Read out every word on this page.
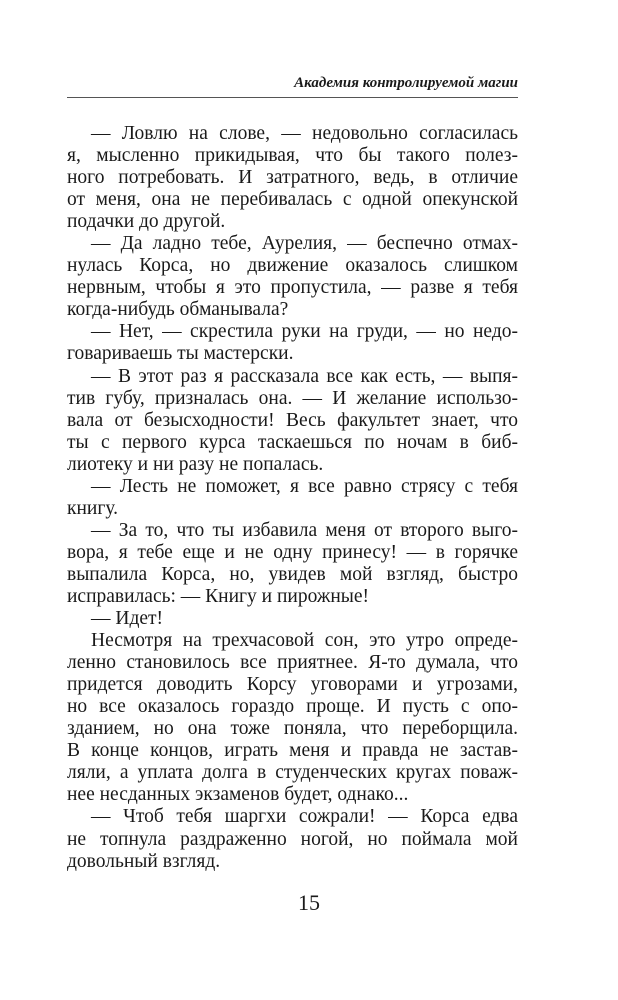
Академия контролируемой магии
— Ловлю на слове, — недовольно согласилась
я, мысленно прикидывая, что бы такого полез-
ного потребовать. И затратного, ведь, в отличие
от меня, она не перебивалась с одной опекунской
подачки до другой.
— Да ладно тебе, Аурелия, — беспечно отмах-
нулась Корса, но движение оказалось слишком
нервным, чтобы я это пропустила, — разве я тебя
когда-нибудь обманывала?
— Нет, — скрестила руки на груди, — но недо-
говариваешь ты мастерски.
— В этот раз я рассказала все как есть, — выпя-
тив губу, призналась она. — И желание использо-
вала от безысходности! Весь факультет знает, что
ты с первого курса таскаешься по ночам в биб-
лиотеку и ни разу не попалась.
— Лесть не поможет, я все равно стрясу с тебя
книгу.
— За то, что ты избавила меня от второго выго-
вора, я тебе еще и не одну принесу! — в горячке
выпалила Корса, но, увидев мой взгляд, быстро
исправилась: — Книгу и пирожные!
— Идет!
Несмотря на трехчасовой сон, это утро опреде-
ленно становилось все приятнее. Я-то думала, что
придется доводить Корсу уговорами и угрозами,
но все оказалось гораздо проще. И пусть с опо-
зданием, но она тоже поняла, что переборщила.
В конце концов, играть меня и правда не застав-
ляли, а уплата долга в студенческих кругах поваж-
нее несданных экзаменов будет, однако...
— Чтоб тебя шаргхи сожрали! — Корса едва
не топнула раздраженно ногой, но поймала мой
довольный взгляд.
15
